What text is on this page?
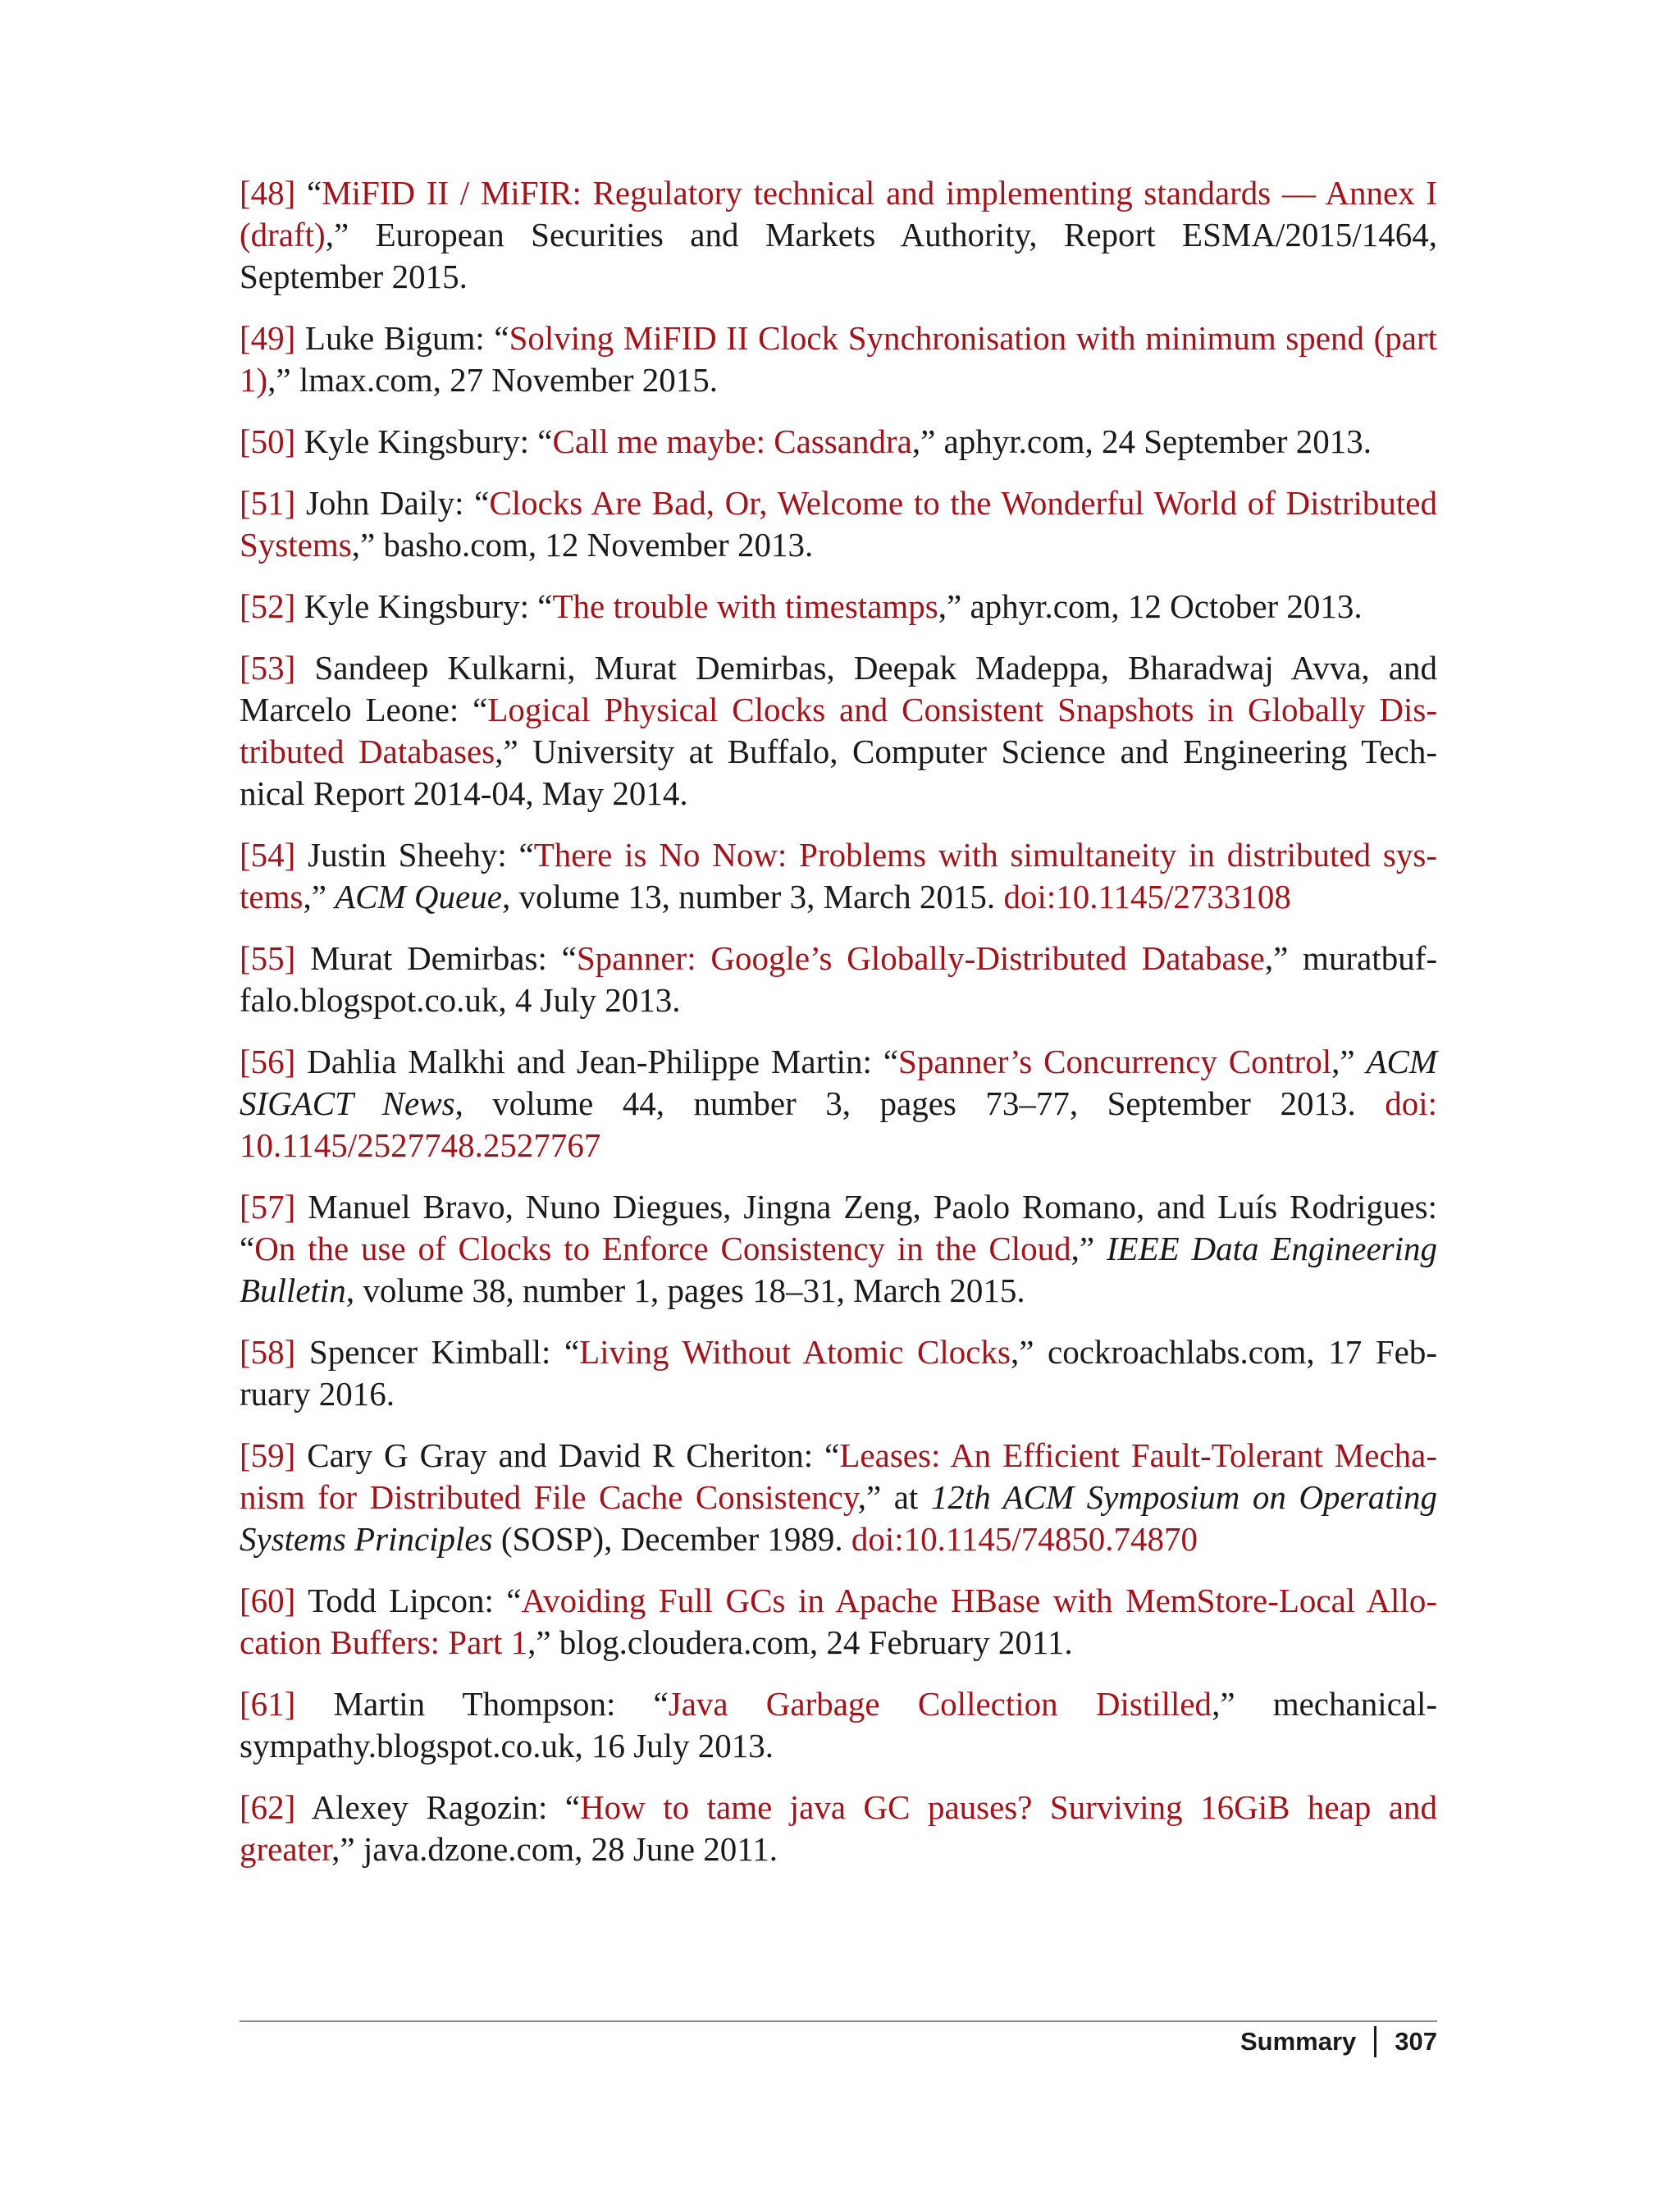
[48] “MiFID II / MiFIR: Regulatory technical and implementing standards — Annex I (draft),” European Securities and Markets Authority, Report ESMA/2015/1464, September 2015.

[49] Luke Bigum: “Solving MiFID II Clock Synchronisation with minimum spend (part 1),” lmax.com, 27 November 2015.

[50] Kyle Kingsbury: “Call me maybe: Cassandra,” aphyr.com, 24 September 2013.

[51] John Daily: “Clocks Are Bad, Or, Welcome to the Wonderful World of Distributed Systems,” basho.com, 12 November 2013.

[52] Kyle Kingsbury: “The trouble with timestamps,” aphyr.com, 12 October 2013.

[53] Sandeep Kulkarni, Murat Demirbas, Deepak Madeppa, Bharadwaj Avva, and Marcelo Leone: “Logical Physical Clocks and Consistent Snapshots in Globally Distributed Databases,” University at Buffalo, Computer Science and Engineering Technical Report 2014-04, May 2014.

[54] Justin Sheehy: “There is No Now: Problems with simultaneity in distributed systems,” ACM Queue, volume 13, number 3, March 2015. doi:10.1145/2733108

[55] Murat Demirbas: “Spanner: Google’s Globally-Distributed Database,” muratbuffalo.blogspot.co.uk, 4 July 2013.

[56] Dahlia Malkhi and Jean-Philippe Martin: “Spanner’s Concurrency Control,” ACM SIGACT News, volume 44, number 3, pages 73–77, September 2013. doi: 10.1145/2527748.2527767

[57] Manuel Bravo, Nuno Diegues, Jingna Zeng, Paolo Romano, and Luís Rodrigues: “On the use of Clocks to Enforce Consistency in the Cloud,” IEEE Data Engineering Bulletin, volume 38, number 1, pages 18–31, March 2015.

[58] Spencer Kimball: “Living Without Atomic Clocks,” cockroachlabs.com, 17 February 2016.

[59] Cary G Gray and David R Cheriton: “Leases: An Efficient Fault-Tolerant Mechanism for Distributed File Cache Consistency,” at 12th ACM Symposium on Operating Systems Principles (SOSP), December 1989. doi:10.1145/74850.74870

[60] Todd Lipcon: “Avoiding Full GCs in Apache HBase with MemStore-Local Allocation Buffers: Part 1,” blog.cloudera.com, 24 February 2011.

[61] Martin Thompson: “Java Garbage Collection Distilled,” mechanical-sympathy.blogspot.co.uk, 16 July 2013.

[62] Alexey Ragozin: “How to tame java GC pauses? Surviving 16GiB heap and greater,” java.dzone.com, 28 June 2011.

Summary 307
